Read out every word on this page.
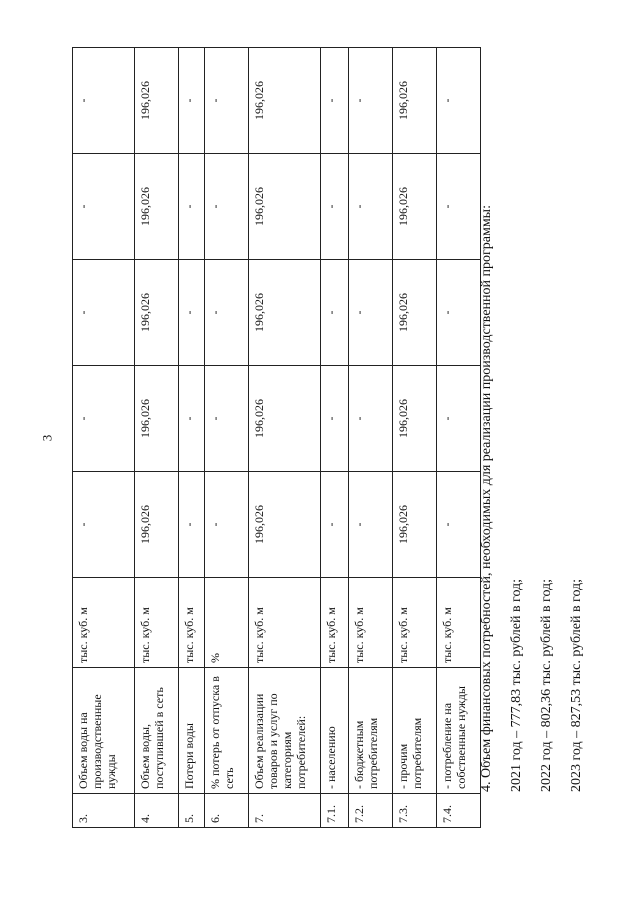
3
3.	Объем воды на производственные нужды	тыс. куб. м	-	-	-	-	-
4.	Объем воды, поступившей в сеть	тыс. куб. м	196,026	196,026	196,026	196,026	196,026
5.	Потери воды	тыс. куб. м	-	-	-	-	-
6.	% потерь от отпуска в сеть	%	-	-	-	-	-
7.	Объем реализации товаров и услуг по категориям потребителей:	тыс. куб. м	196,026	196,026	196,026	196,026	196,026
7.1.	- населению	тыс. куб. м	-	-	-	-	-
7.2.	- бюджетным потребителям	тыс. куб. м	-	-	-	-	-
7.3.	- прочим потребителям	тыс. куб. м	196,026	196,026	196,026	196,026	196,026
7.4.	- потребление на собственные нужды	тыс. куб. м	-	-	-	-	-
4. Объем финансовых потребностей, необходимых для реализации производственной программы:	2021 год – 777,83 тыс. рублей в год;	2022 год – 802,36 тыс. рублей в год;	2023 год – 827,53 тыс. рублей в год;
